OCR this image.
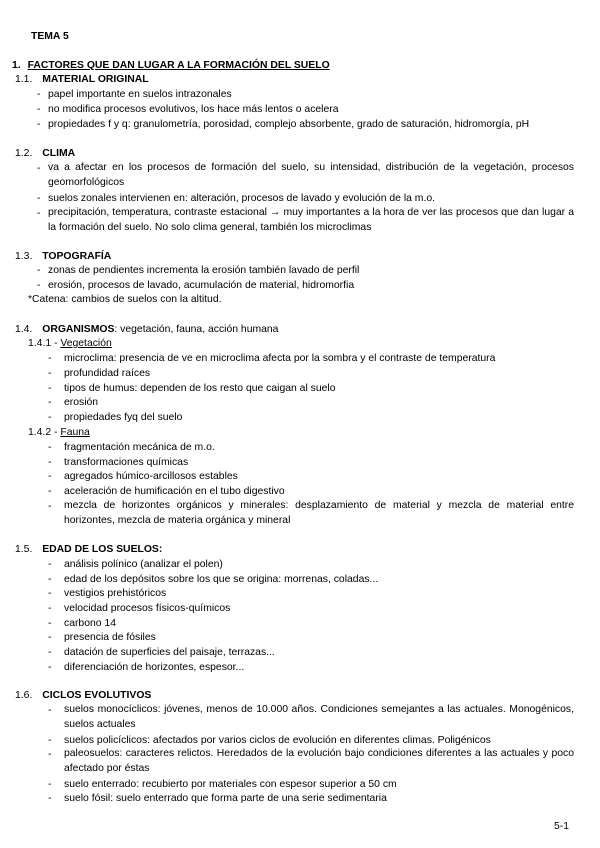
TEMA 5
1. FACTORES QUE DAN LUGAR A LA FORMACIÓN DEL SUELO
1.1. MATERIAL ORIGINAL
- papel importante en suelos intrazonales
- no modifica procesos evolutivos, los hace más lentos o acelera
- propiedades f y q: granulometría, porosidad, complejo absorbente, grado de saturación, hidromorgía, pH
1.2. CLIMA
- va a afectar en los procesos de formación del suelo, su intensidad, distribución de la vegetación, procesos geomorfológicos
- suelos zonales intervienen en: alteración, procesos de lavado y evolución de la m.o.
- precipitación, temperatura, contraste estacional → muy importantes a la hora de ver las procesos que dan lugar a la formación del suelo. No solo clima general, también los microclimas
1.3. TOPOGRAFÍA
- zonas de pendientes incrementa la erosión también lavado de perfil
- erosión, procesos de lavado, acumulación de material, hidromorfia
*Catena: cambios de suelos con la altitud.
1.4. ORGANISMOS: vegetación, fauna, acción humana
1.4.1 - Vegetación
- microclima: presencia de ve en microclima afecta por la sombra y el contraste de temperatura
- profundidad raíces
- tipos de humus: dependen de los resto que caigan al suelo
- erosión
- propiedades fyq del suelo
1.4.2 - Fauna
- fragmentación mecánica de m.o.
- transformaciones químicas
- agregados húmico-arcillosos estables
- aceleración de humificación en el tubo digestivo
- mezcla de horizontes orgánicos y minerales: desplazamiento de material y mezcla de material entre horizontes, mezcla de materia orgánica y mineral
1.5. EDAD DE LOS SUELOS:
- análisis polínico (analizar el polen)
- edad de los depósitos sobre los que se origina: morrenas, coladas...
- vestigios prehistóricos
- velocidad procesos físicos-químicos
- carbono 14
- presencia de fósiles
- datación de superficies del paisaje, terrazas...
- diferenciación de horizontes, espesor...
1.6. CICLOS EVOLUTIVOS
- suelos monocíclicos: jóvenes, menos de 10.000 años. Condiciones semejantes a las actuales. Monogénicos, suelos actuales
- suelos policíclicos: afectados por varios ciclos de evolución en diferentes climas. Poligénicos
- paleosuelos: caracteres relictos. Heredados de la evolución bajo condiciones diferentes a las actuales y poco afectado por éstas
- suelo enterrado: recubierto por materiales con espesor superior a 50 cm
- suelo fósil: suelo enterrado que forma parte de una serie sedimentaria
5-1
